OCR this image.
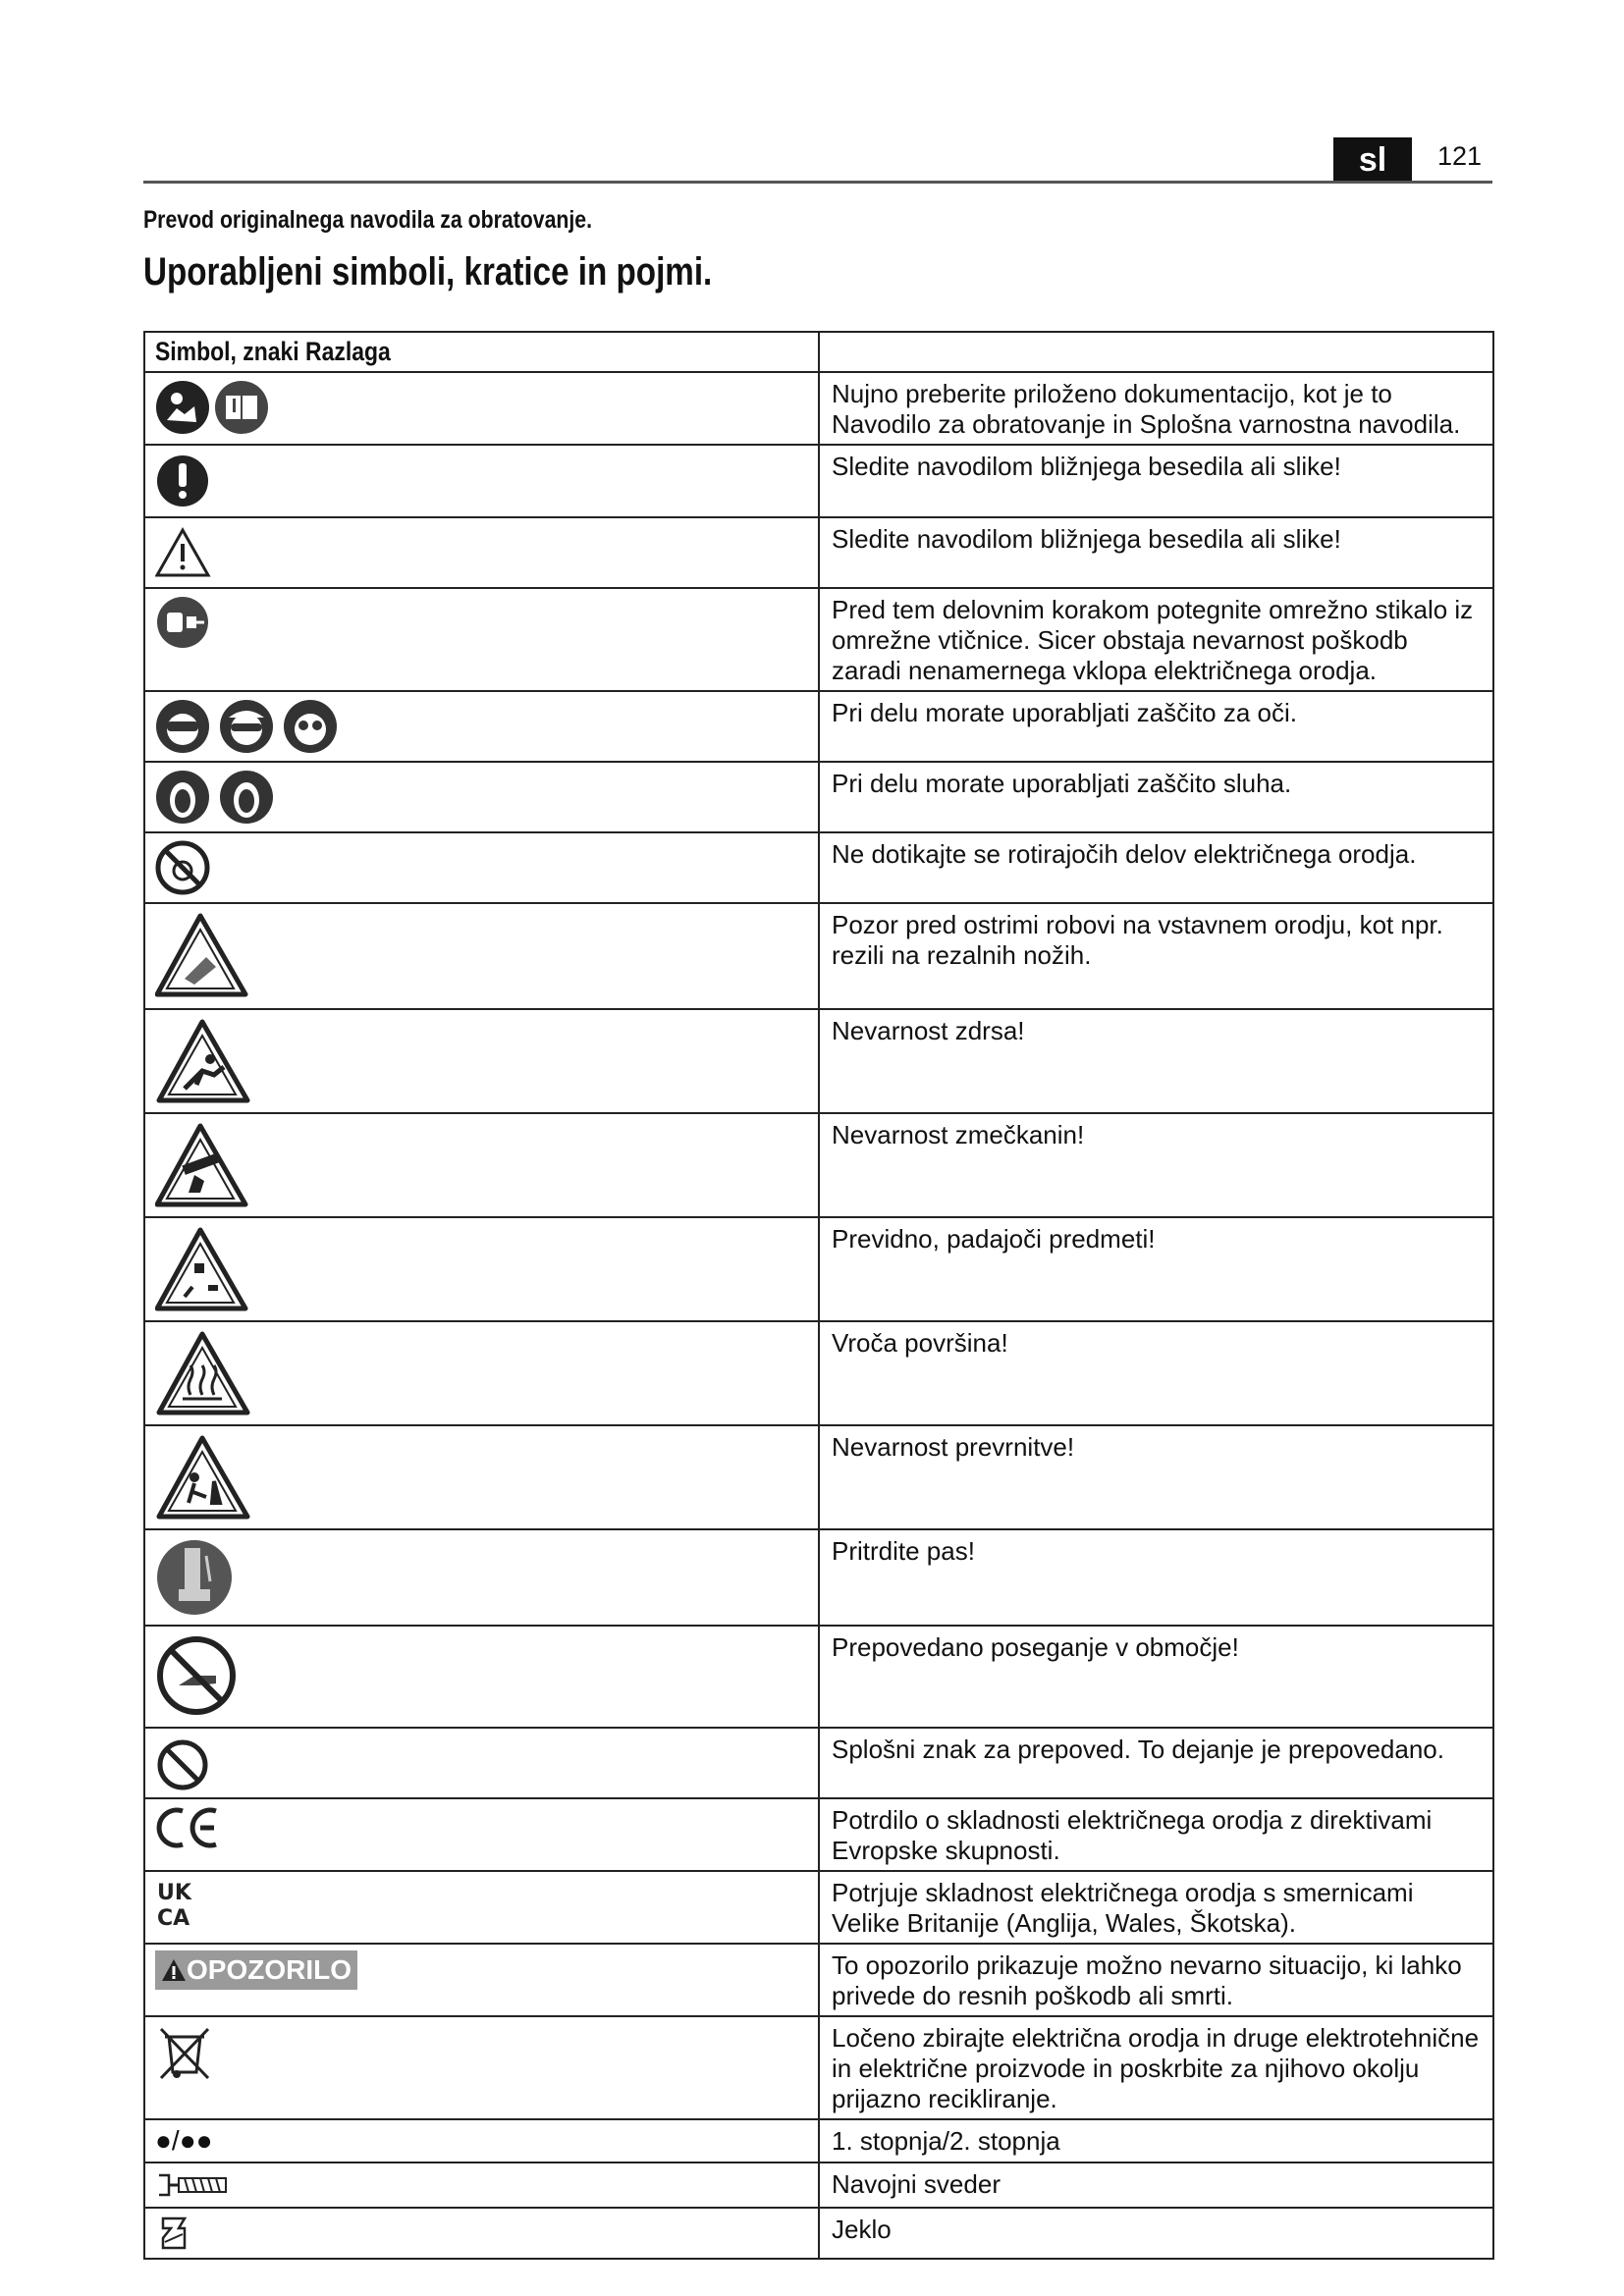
sl	121
Prevod originalnega navodila za obratovanje.
Uporabljeni simboli, kratice in pojmi.
Simbol, znaki Razlaga	
	Nujno preberite priloženo dokumentacijo, kot je to Navodilo za obratovanje in Splošna varnostna navodila.
	Sledite navodilom bližnjega besedila ali slike!
	Sledite navodilom bližnjega besedila ali slike!
	Pred tem delovnim korakom potegnite omrežno stikalo iz omrežne vtičnice. Sicer obstaja nevarnost poškodb zaradi nenamernega vklopa električnega orodja.
	Pri delu morate uporabljati zaščito za oči.
	Pri delu morate uporabljati zaščito sluha.
	Ne dotikajte se rotirajočih delov električnega orodja.
	Pozor pred ostrimi robovi na vstavnem orodju, kot npr. rezili na rezalnih nožih.
	Nevarnost zdrsa!
	Nevarnost zmečkanin!
	Previdno, padajoči predmeti!
	Vroča površina!
	Nevarnost prevrnitve!
	Pritrdite pas!
	Prepovedano poseganje v območje!
	Splošni znak za prepoved. To dejanje je prepovedano.
	Potrdilo o skladnosti električnega orodja z direktivami Evropske skupnosti.

UK
CA	Potrjuje skladnost električnega orodja s smernicami Velike Britanije (Anglija, Wales, Škotska).
OPOZORILO	To opozorilo prikazuje možno nevarno situacijo, ki lahko privede do resnih poškodb ali smrti.
	Ločeno zbirajte električna orodja in druge elektrotehnične in električne proizvode in poskrbite za njihovo okolju prijazno recikliranje.
●/●●	1. stopnja/2. stopnja
	Navojni sveder
	Jeklo
